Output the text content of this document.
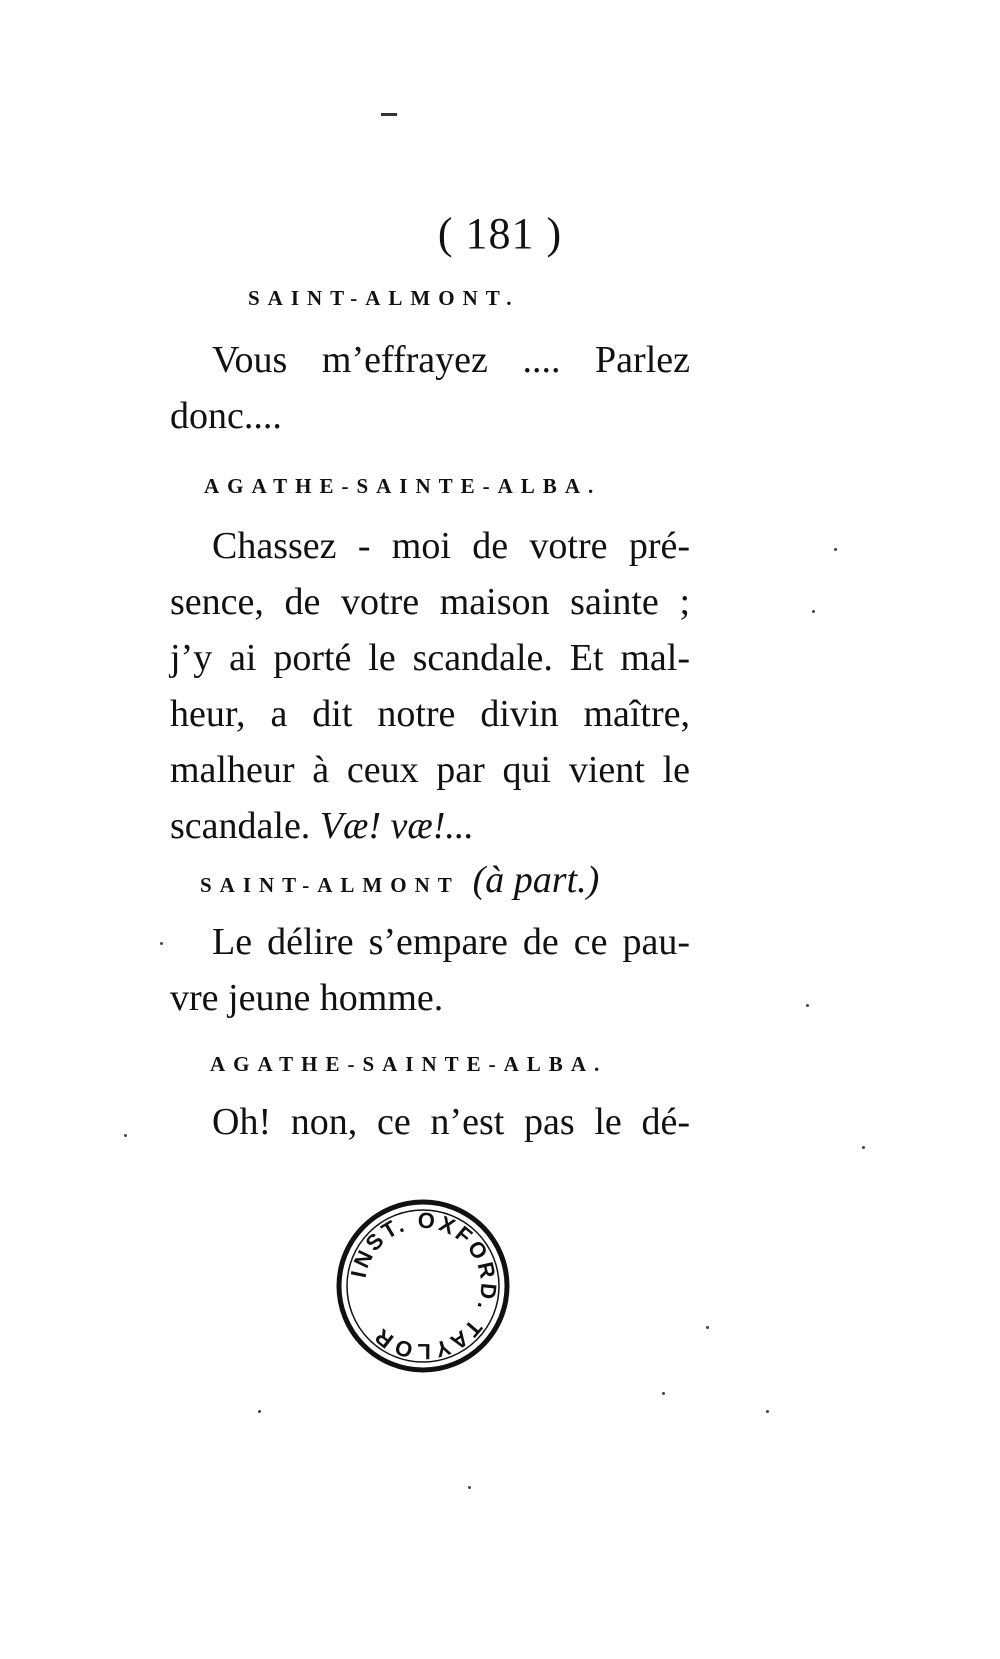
( 181 )
SAINT-ALMONT.
Vous m’effrayez .... Parlez
donc....
AGATHE-SAINTE-ALBA.
Chassez - moi de votre pré-
sence, de votre maison sainte ;
j’y ai porté le scandale. Et mal-
heur, a dit notre divin maître,
malheur à ceux par qui vient le
scandale. Væ! væ!...
SAINT-ALMONT (à part.)
Le délire s’empare de ce pau-
vre jeune homme.
AGATHE-SAINTE-ALBA.
Oh! non, ce n’est pas le dé-
INST. OXFORD. TAYLOR
